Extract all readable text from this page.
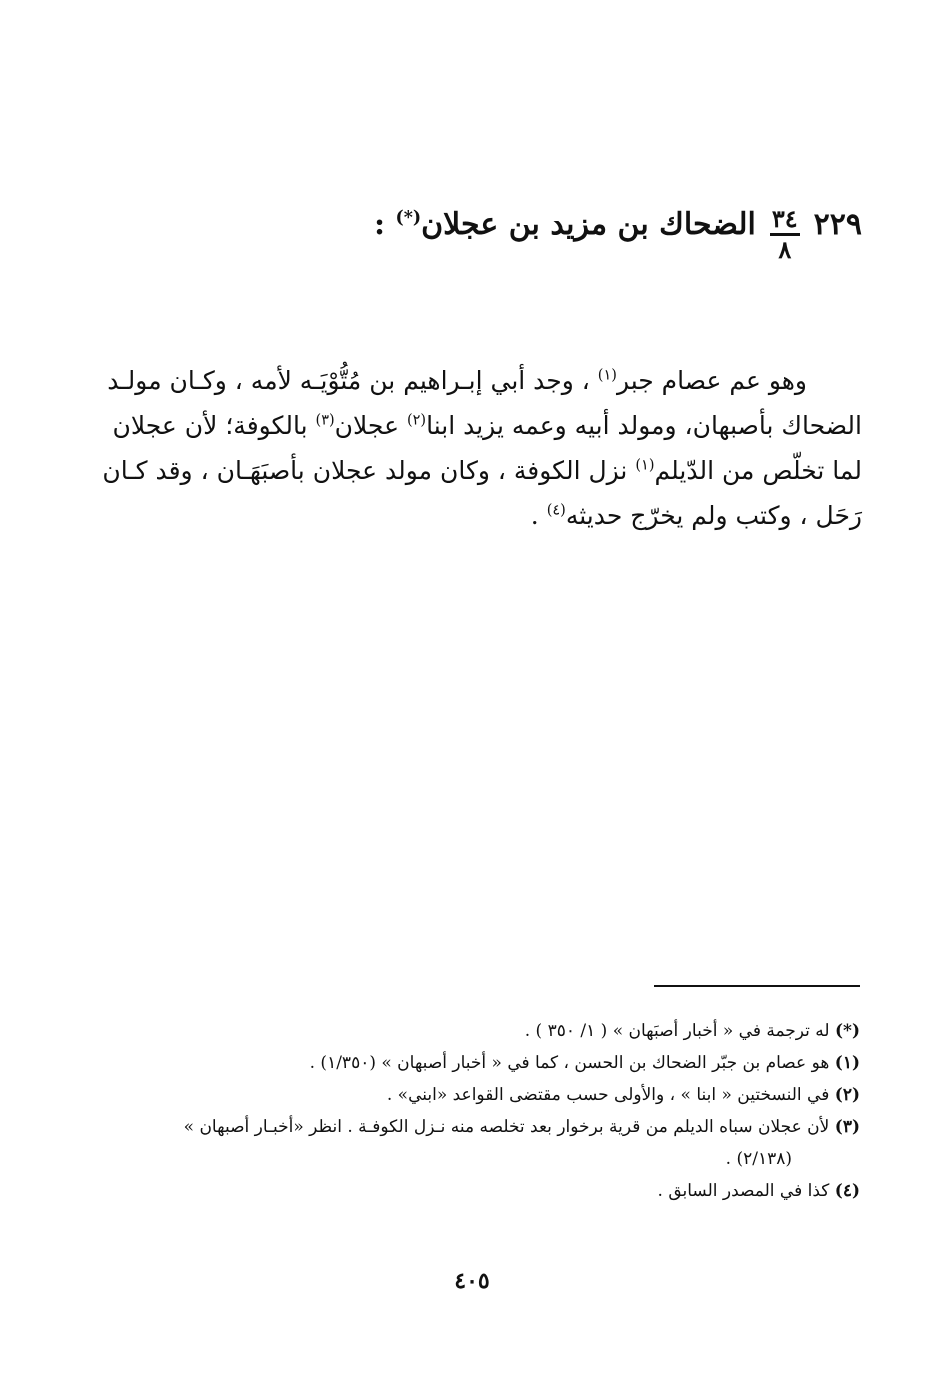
٢٢٩
$\frac{٣٤}{٨}$
الضحاك بن مزيد بن عجلان(*) :
وهو عم عصام جبر$^{(١)}$ ، وجد أبي إبـراهيم بن مُتُّوْيَـه لأمه ، وكـان مولـد
الضحاك بأصبهان، ومولد أبيه وعمه يزيد ابنا$^{(٢)}$ عجلان$^{(٣)}$ بالكوفة؛ لأن عجلان
لما تخلّص من الدّيلم$^{(١)}$ نزل الكوفة ، وكان مولد عجلان بأصبَهَـان ، وقد كـان
رَحَل ، وكتب ولم يخرّج حديثه$^{(٤)}$ .
(*) له ترجمة في « أخبار أصبَهان » ( ١/ ٣٥٠ ) .
(١) هو عصام بن جبّر الضحاك بن الحسن ، كما في « أخبار أصبهان » (١/٣٥٠) .
(٢) في النسختين « ابنا » ، والأولى حسب مقتضى القواعد «ابني» .
(٣) لأن عجلان سباه الديلم من قرية برخوار بعد تخلصه منه نـزل الكوفـة . انظر «أخبـار أصبهان »
(٢/١٣٨) .
(٤) كذا في المصدر السابق .
٤٠٥
